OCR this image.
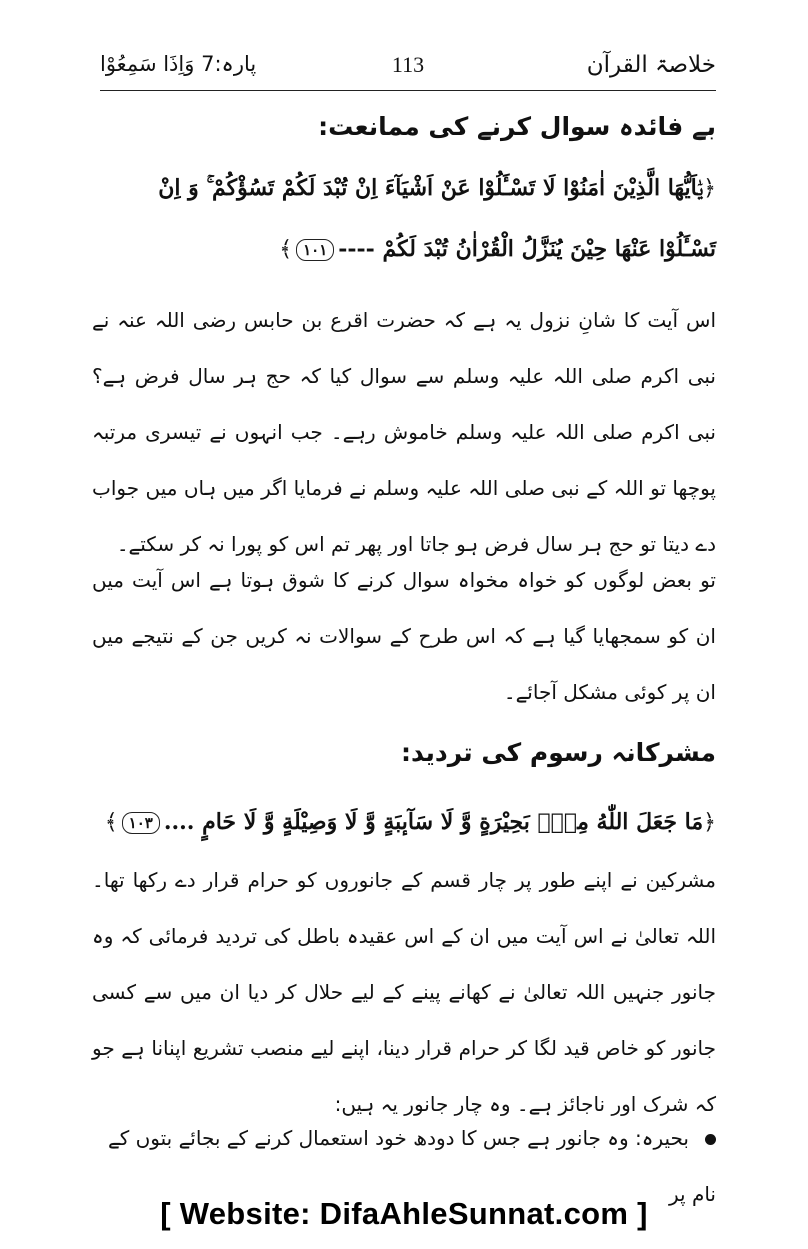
خلاصۃ القرآن
113
پارہ:7 وَاِذَا سَمِعُوْا
بے فائدہ سوال کرنے کی ممانعت:
﴿یٰۤاَیُّهَا الَّذِیْنَ اٰمَنُوْا لَا تَسْـَٔلُوْا عَنْ اَشْیَآءَ اِنْ تُبْدَ لَكُمْ تَسُؤْكُمْ ۚ وَ اِنْ
تَسْـَٔلُوْا عَنْهَا حِیْنَ یُنَزَّلُ الْقُرْاٰنُ تُبْدَ لَكُمْ ----١٠١﴾
اس آیت کا شانِ نزول یہ ہے کہ حضرت اقرع بن حابس رضی اللہ عنہ نے نبی اکرم صلی اللہ علیہ وسلم سے سوال کیا کہ حج ہر سال فرض ہے؟ نبی اکرم صلی اللہ علیہ وسلم خاموش رہے۔ جب انہوں نے تیسری مرتبہ پوچھا تو اللہ کے نبی صلی اللہ علیہ وسلم نے فرمایا اگر میں ہاں میں جواب دے دیتا تو حج ہر سال فرض ہو جاتا اور پھر تم اس کو پورا نہ کر سکتے۔
تو بعض لوگوں کو خواہ مخواہ سوال کرنے کا شوق ہوتا ہے اس آیت میں ان کو سمجھایا گیا ہے کہ اس طرح کے سوالات نہ کریں جن کے نتیجے میں ان پر کوئی مشکل آجائے۔
مشرکانہ رسوم کی تردید:
﴿مَا جَعَلَ اللّٰهُ مِنْۢ بَحِیْرَةٍ وَّ لَا سَآىٕبَةٍ وَّ لَا وَصِیْلَةٍ وَّ لَا حَامٍ ....١٠٣﴾
مشرکین نے اپنے طور پر چار قسم کے جانوروں کو حرام قرار دے رکھا تھا۔ اللہ تعالیٰ نے اس آیت میں ان کے اس عقیدہ باطل کی تردید فرمائی کہ وہ جانور جنہیں اللہ تعالیٰ نے کھانے پینے کے لیے حلال کر دیا ان میں سے کسی جانور کو خاص قید لگا کر حرام قرار دینا، اپنے لیے منصب تشریع اپنانا ہے جو کہ شرک اور ناجائز ہے۔ وہ چار جانور یہ ہیں:
بحیرہ: وہ جانور ہے جس کا دودھ خود استعمال کرنے کے بجائے بتوں کے نام پر
[ Website: DifaAhleSunnat.com ]
